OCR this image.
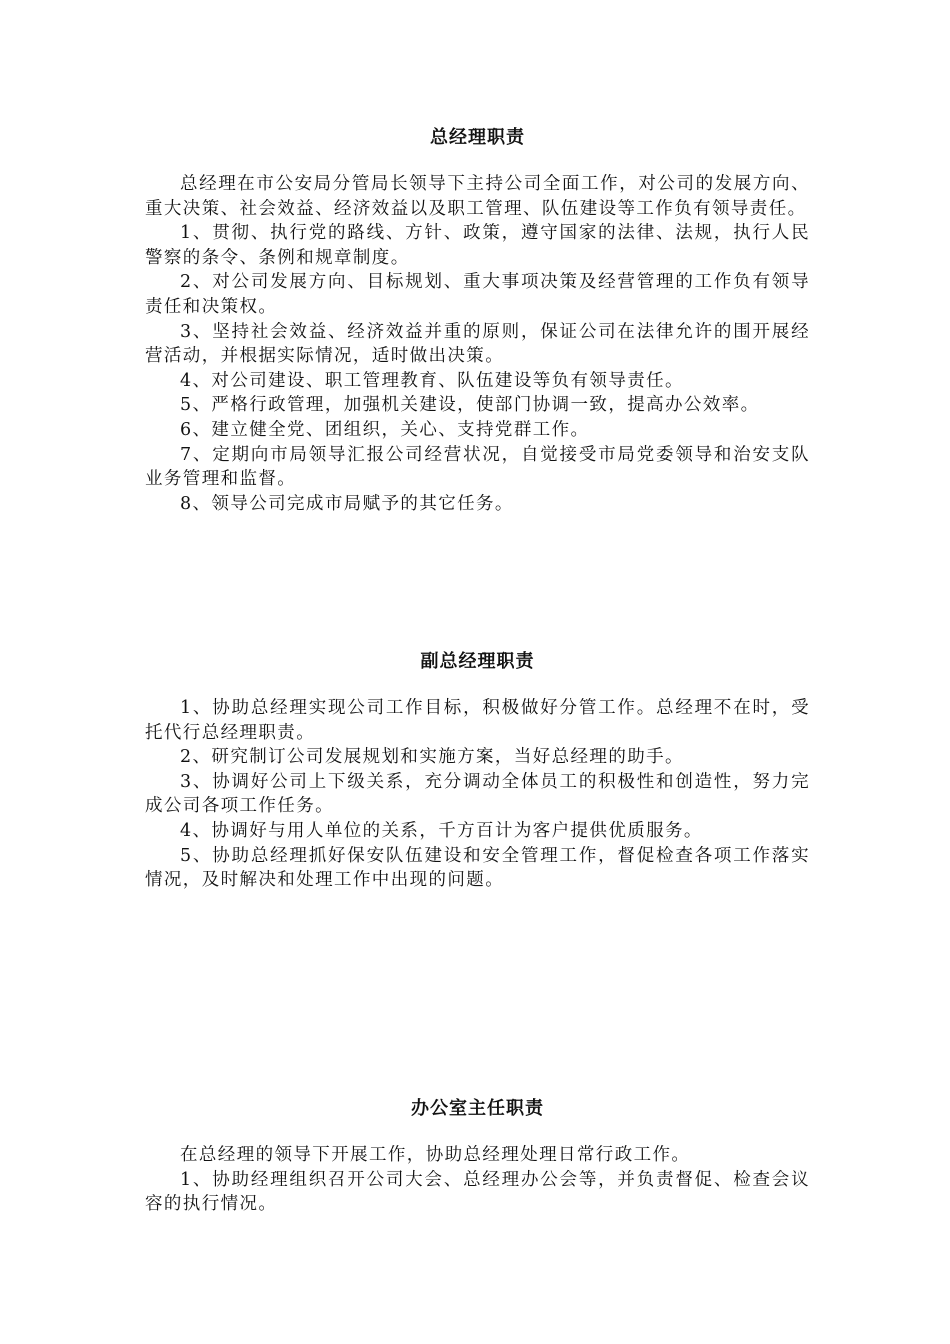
总经理职责

总经理在市公安局分管局长领导下主持公司全面工作，对公司的发展方向、重大决策、社会效益、经济效益以及职工管理、队伍建设等工作负有领导责任。

1、贯彻、执行党的路线、方针、政策，遵守国家的法律、法规，执行人民警察的条令、条例和规章制度。

2、对公司发展方向、目标规划、重大事项决策及经营管理的工作负有领导责任和决策权。

3、坚持社会效益、经济效益并重的原则，保证公司在法律允许的围开展经营活动，并根据实际情况，适时做出决策。

4、对公司建设、职工管理教育、队伍建设等负有领导责任。

5、严格行政管理，加强机关建设，使部门协调一致，提高办公效率。

6、建立健全党、团组织，关心、支持党群工作。

7、定期向市局领导汇报公司经营状况，自觉接受市局党委领导和治安支队业务管理和监督。

8、领导公司完成市局赋予的其它任务。

副总经理职责

1、协助总经理实现公司工作目标，积极做好分管工作。总经理不在时，受托代行总经理职责。

2、研究制订公司发展规划和实施方案，当好总经理的助手。

3、协调好公司上下级关系，充分调动全体员工的积极性和创造性，努力完成公司各项工作任务。

4、协调好与用人单位的关系，千方百计为客户提供优质服务。

5、协助总经理抓好保安队伍建设和安全管理工作，督促检查各项工作落实情况，及时解决和处理工作中出现的问题。

办公室主任职责

在总经理的领导下开展工作，协助总经理处理日常行政工作。

1、协助经理组织召开公司大会、总经理办公会等，并负责督促、检查会议容的执行情况。
